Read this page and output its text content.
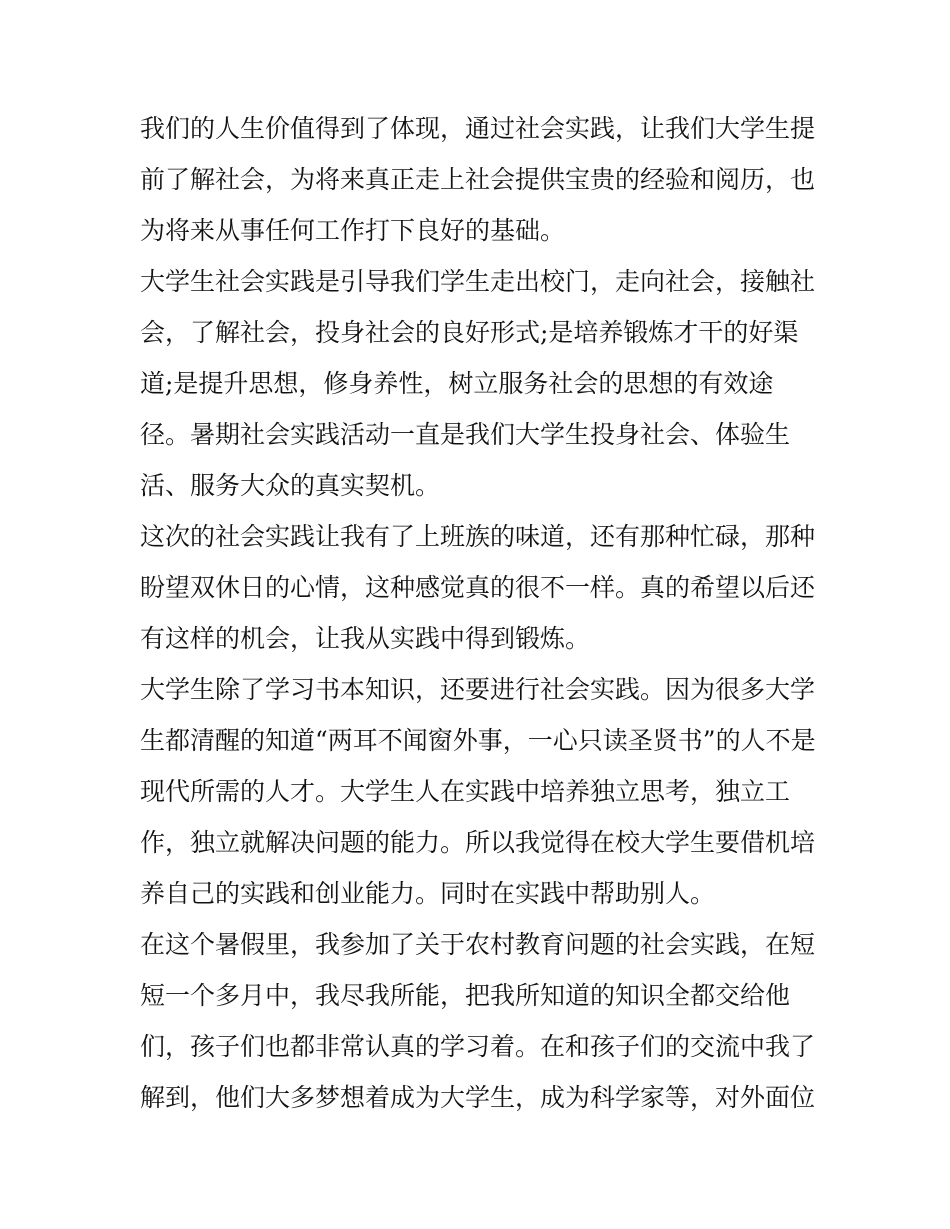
我们的人生价值得到了体现，通过社会实践，让我们大学生提
前了解社会，为将来真正走上社会提供宝贵的经验和阅历，也
为将来从事任何工作打下良好的基础。
大学生社会实践是引导我们学生走出校门，走向社会，接触社
会，了解社会，投身社会的良好形式;是培养锻炼才干的好渠
道;是提升思想，修身养性，树立服务社会的思想的有效途
径。暑期社会实践活动一直是我们大学生投身社会、体验生
活、服务大众的真实契机。
这次的社会实践让我有了上班族的味道，还有那种忙碌，那种
盼望双休日的心情，这种感觉真的很不一样。真的希望以后还
有这样的机会，让我从实践中得到锻炼。
大学生除了学习书本知识，还要进行社会实践。因为很多大学
生都清醒的知道“两耳不闻窗外事，一心只读圣贤书”的人不是
现代所需的人才。大学生人在实践中培养独立思考，独立工
作，独立就解决问题的能力。所以我觉得在校大学生要借机培
养自己的实践和创业能力。同时在实践中帮助别人。
在这个暑假里，我参加了关于农村教育问题的社会实践，在短
短一个多月中，我尽我所能，把我所知道的知识全都交给他
们，孩子们也都非常认真的学习着。在和孩子们的交流中我了
解到，他们大多梦想着成为大学生，成为科学家等，对外面位
